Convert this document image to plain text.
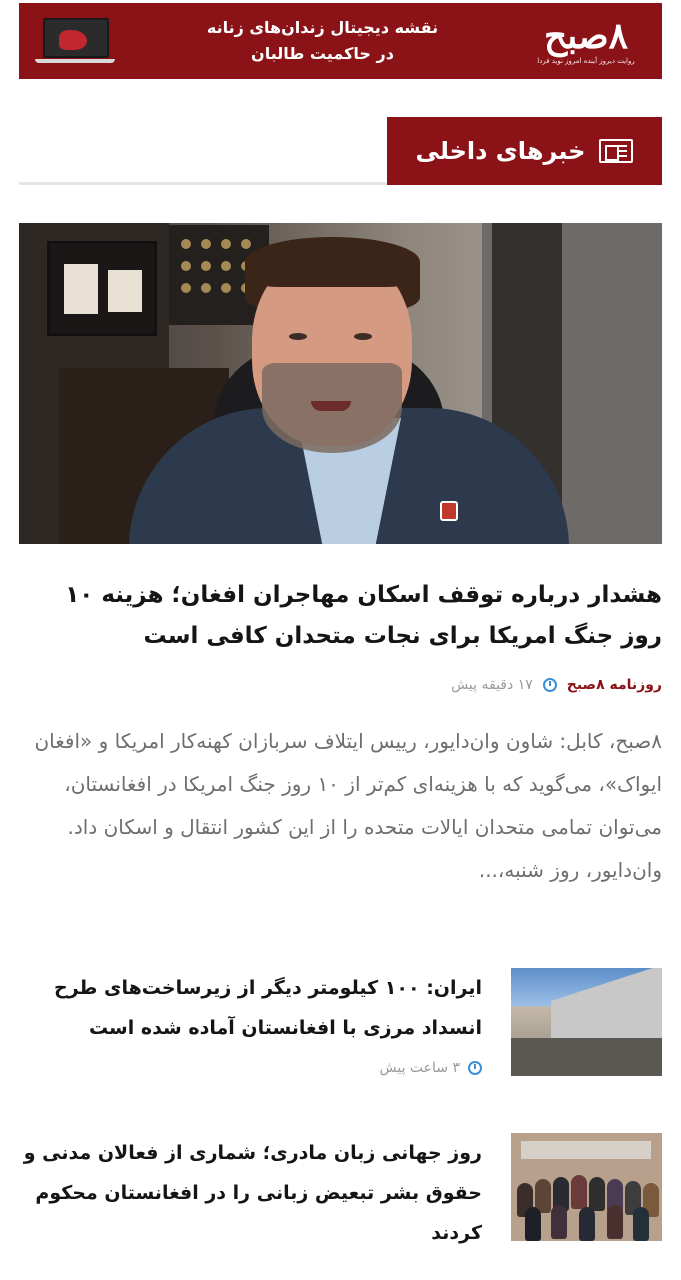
۸صبح
روایت دیروز آینده امروز نوید فردا
نقشه دیجیتال زندان‌های زنانه
در حاکمیت طالبان
خبرهای داخلی
هشدار درباره توقف اسکان مهاجران افغان؛ هزینه ۱۰ روز جنگ امریکا برای نجات متحدان کافی است
روزنامه ۸صبح
۱۷ دقیقه پیش
۸صبح، کابل: شاون وان‌دایور، رییس ایتلاف سربازان کهنه‌کار امریکا و «افغان ایواک»، می‌گوید که با هزینه‌ای کم‌تر از ۱۰ روز جنگ امریکا در افغانستان، می‌توان تمامی متحدان ایالات متحده را از این کشور انتقال و اسکان داد. وان‌دایور، روز شنبه،...
ایران: ۱۰۰ کیلومتر دیگر از زیرساخت‌های طرح انسداد مرزی با افغانستان آماده شده است
۳ ساعت پیش
روز جهانی زبان مادری؛ شماری از فعالان مدنی و حقوق بشر تبعیض زبانی را در افغانستان محکوم کردند
